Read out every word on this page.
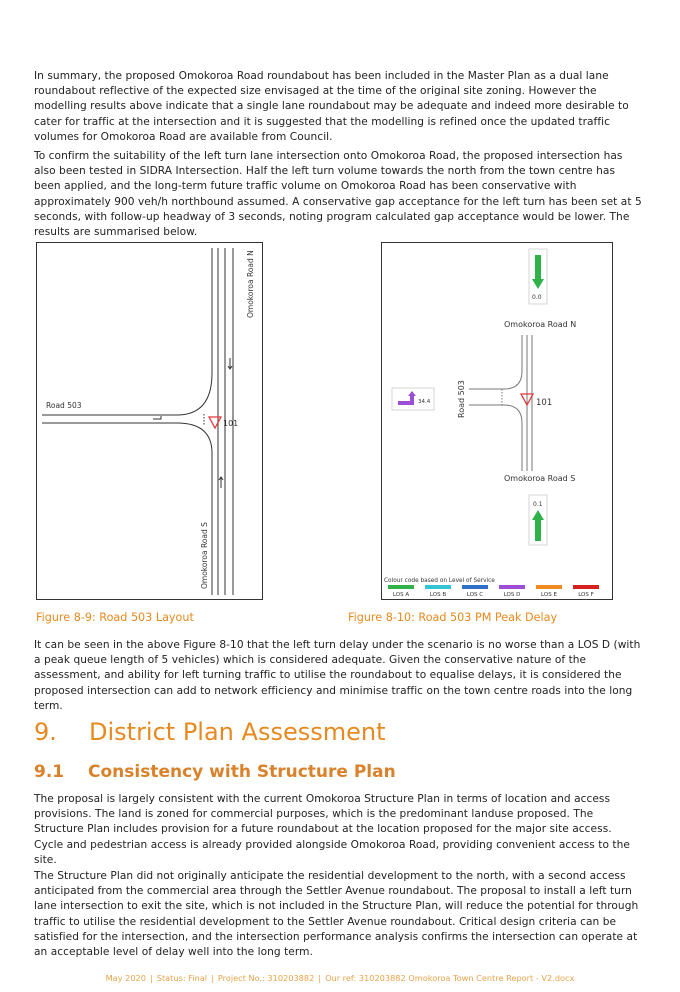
In summary, the proposed Omokoroa Road roundabout has been included in the Master Plan as a dual lane roundabout reflective of the expected size envisaged at the time of the original site zoning. However the modelling results above indicate that a single lane roundabout may be adequate and indeed more desirable to cater for traffic at the intersection and it is suggested that the modelling is refined once the updated traffic volumes for Omokoroa Road are available from Council.

To confirm the suitability of the left turn lane intersection onto Omokoroa Road, the proposed intersection has also been tested in SIDRA Intersection. Half the left turn volume towards the north from the town centre has been applied, and the long-term future traffic volume on Omokoroa Road has been conservative with approximately 900 veh/h northbound assumed. A conservative gap acceptance for the left turn has been set at 5 seconds, with follow-up headway of 3 seconds, noting program calculated gap acceptance would be lower. The results are summarised below.

101
Road 503
Omokoroa Road N
Omokoroa Road S
0.0
Omokoroa Road N
101
Road 503
34.4
Omokoroa Road S
0.1
Colour code based on Level of Service
LOS A	LOS B	LOS C	LOS D	LOS E	LOS F
Figure 8-9: Road 503 Layout	Figure 8-10: Road 503 PM Peak Delay

It can be seen in the above Figure 8-10 that the left turn delay under the scenario is no worse than a LOS D (with a peak queue length of 5 vehicles) which is considered adequate. Given the conservative nature of the assessment, and ability for left turning traffic to utilise the roundabout to equalise delays, it is considered the proposed intersection can add to network efficiency and minimise traffic on the town centre roads into the long term.

9. District Plan Assessment
9.1 Consistency with Structure Plan

The proposal is largely consistent with the current Omokoroa Structure Plan in terms of location and access provisions. The land is zoned for commercial purposes, which is the predominant landuse proposed. The Structure Plan includes provision for a future roundabout at the location proposed for the major site access. Cycle and pedestrian access is already provided alongside Omokoroa Road, providing convenient access to the site.

The Structure Plan did not originally anticipate the residential development to the north, with a second access anticipated from the commercial area through the Settler Avenue roundabout. The proposal to install a left turn lane intersection to exit the site, which is not included in the Structure Plan, will reduce the potential for through traffic to utilise the residential development to the Settler Avenue roundabout. Critical design criteria can be satisfied for the intersection, and the intersection performance analysis confirms the intersection can operate at an acceptable level of delay well into the long term.

May 2020 | Status: Final | Project No.: 310203882 | Our ref: 310203882 Omokoroa Town Centre Report - V2.docx
